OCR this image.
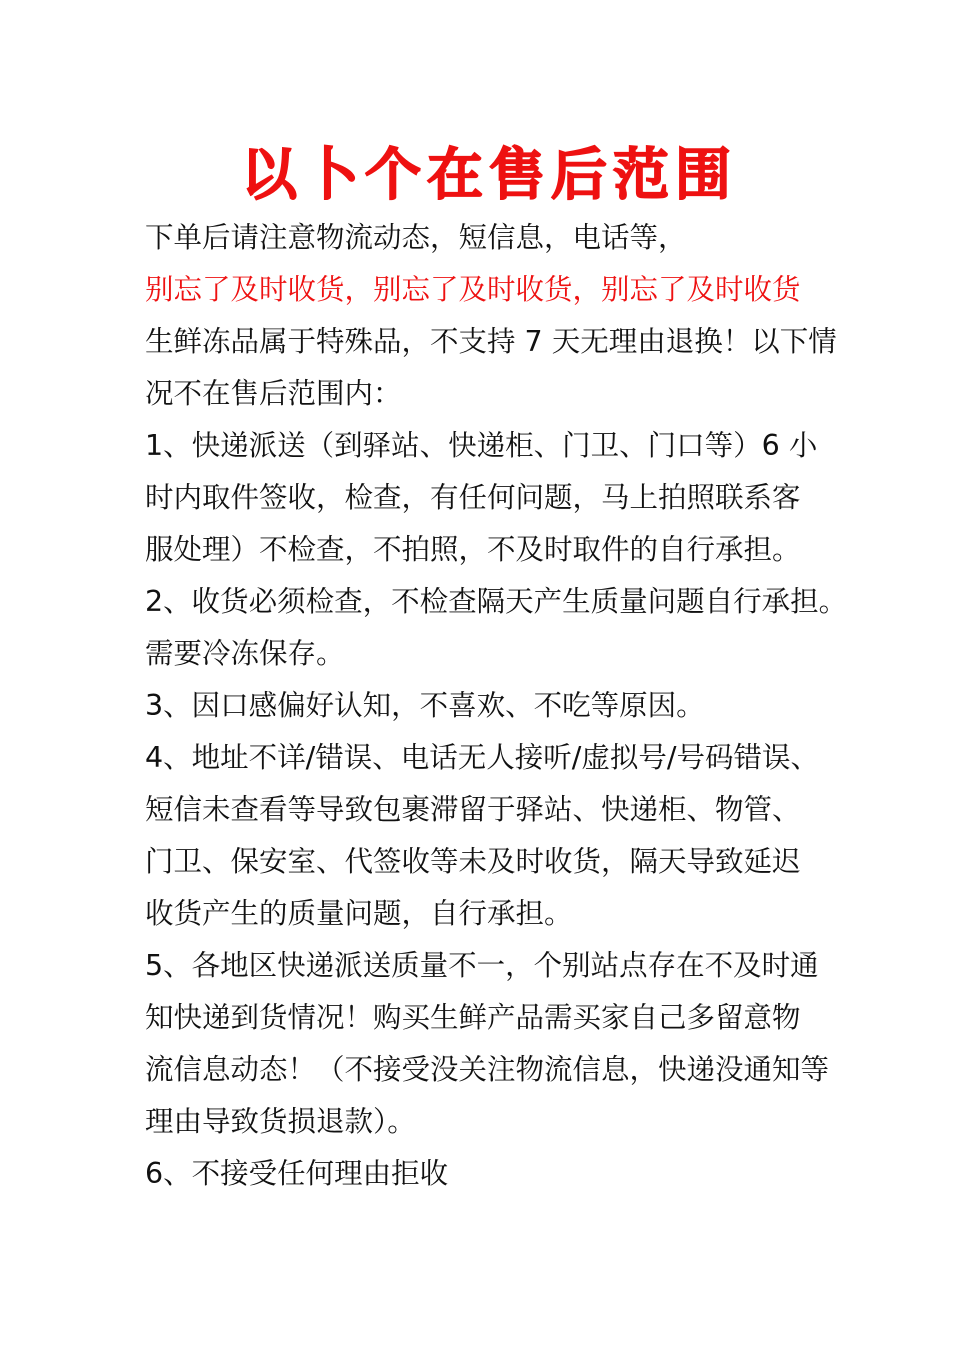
以卜个在售后范围
下单后请注意物流动态，短信息，电话等，
别忘了及时收货，别忘了及时收货，别忘了及时收货
生鲜冻品属于特殊品，不支持 7 天无理由退换！以下情
况不在售后范围内：
1、快递派送（到驿站、快递柜、门卫、门口等）6 小
时内取件签收，检查，有任何问题，马上拍照联系客
服处理）不检查，不拍照，不及时取件的自行承担。
2、收货必须检查，不检查隔天产生质量问题自行承担。
需要冷冻保存。
3、因口感偏好认知，不喜欢、不吃等原因。
4、地址不详/错误、电话无人接听/虚拟号/号码错误、
短信未查看等导致包裹滞留于驿站、快递柜、物管、
门卫、保安室、代签收等未及时收货，隔天导致延迟
收货产生的质量问题，自行承担。
5、各地区快递派送质量不一，个别站点存在不及时通
知快递到货情况！购买生鲜产品需买家自己多留意物
流信息动态！（不接受没关注物流信息，快递没通知等
理由导致货损退款）。
6、不接受任何理由拒收
